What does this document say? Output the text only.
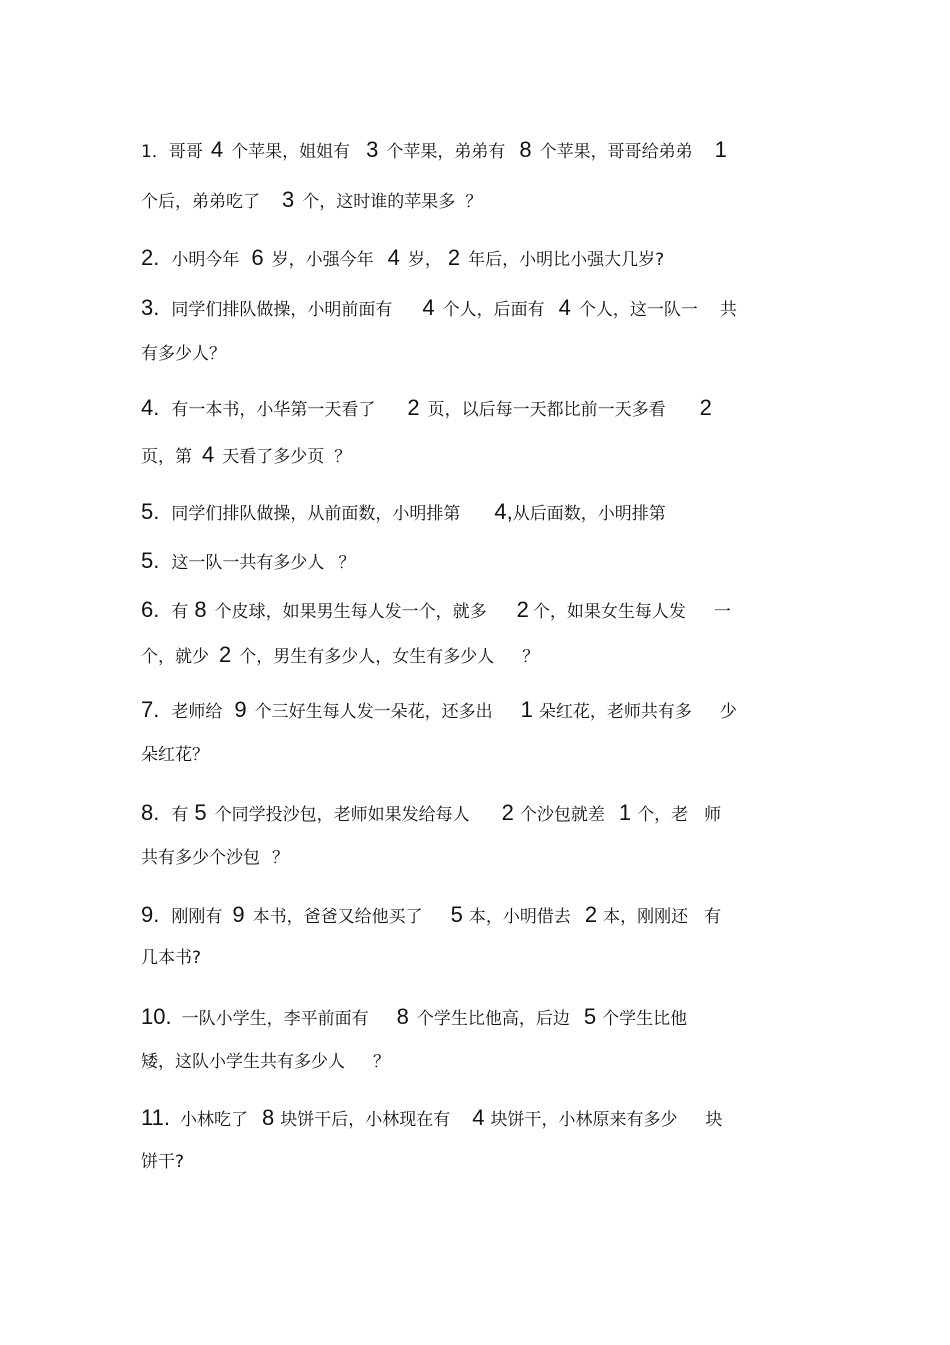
1．哥哥 4 个苹果，姐姐有 3 个苹果，弟弟有 8 个苹果，哥哥给弟弟 1
个后，弟弟吃了 3 个，这时谁的苹果多 ？
2. 小明今年 6 岁，小强今年 4 岁， 2 年后，小明比小强大几岁?
3. 同学们排队做操，小明前面有 4 个人，后面有 4 个人，这一队一 共
有多少人？
4. 有一本书，小华第一天看了 2 页，以后每一天都比前一天多看 2
页，第 4 天看了多少页 ？
5. 同学们排队做操，从前面数，小明排第 4,从后面数，小明排第
5. 这一队一共有多少人 ？
6. 有 8 个皮球，如果男生每人发一个，就多 2 个，如果女生每人发 一
个，就少 2 个，男生有多少人，女生有多少人 ？
7. 老师给 9 个三好生每人发一朵花，还多出 1 朵红花，老师共有多 少
朵红花？
8. 有 5 个同学投沙包，老师如果发给每人 2 个沙包就差 1 个，老 师
共有多少个沙包 ？
9. 刚刚有 9 本书，爸爸又给他买了 5 本，小明借去 2 本，刚刚还 有
几本书?
10. 一队小学生，李平前面有 8 个学生比他高，后边 5 个学生比他
矮，这队小学生共有多少人 ？
11. 小林吃了 8 块饼干后，小林现在有 4 块饼干，小林原来有多少 块
饼干?
